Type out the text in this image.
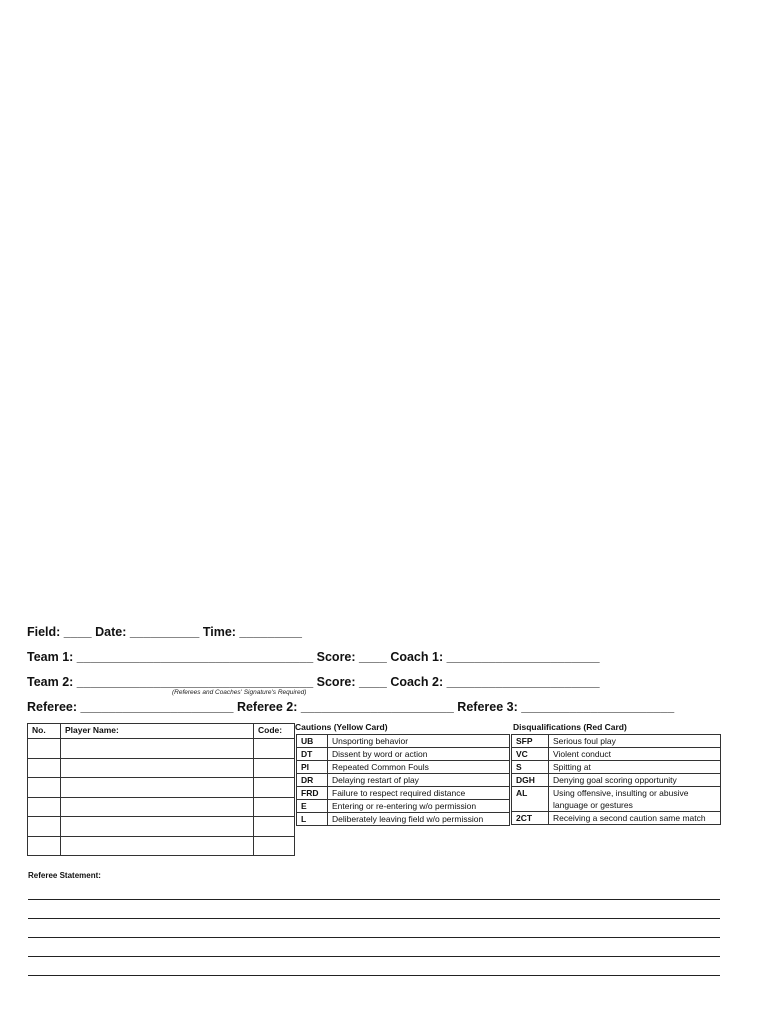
Field: ____ Date: __________ Time: _________
Team 1: __________________________________ Score: ____ Coach 1: ______________________
Team 2: __________________________________ Score: ____ Coach 2: ______________________
(Referees and Coaches' Signature's Required)
Referee: ______________________ Referee 2: ______________________ Referee 3: ______________________
No.	Player Name:	Code:

		Cautions (Yellow Card)
UB	Unsporting behavior
DT	Dissent by word or action
PI	Repeated Common Fouls
DR	Delaying restart of play
FRD	Failure to respect required distance
E	Entering or re-entering w/o permission
L	Deliberately leaving field w/o permission
Disqualifications (Red Card)
SFP	Serious foul play
VC	Violent conduct
S	Spitting at
DGH	Denying goal scoring opportunity
AL	Using offensive, insulting or abusive language or gestures
2CT	Receiving a second caution same match
Referee Statement:
